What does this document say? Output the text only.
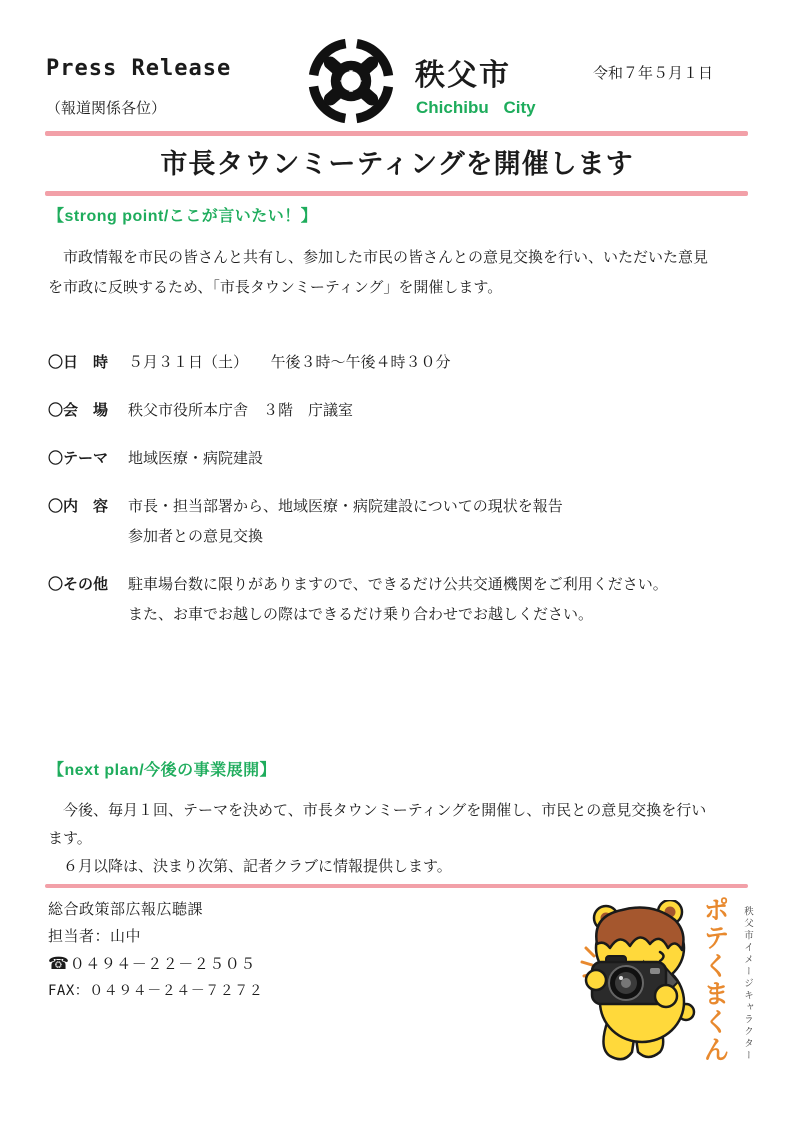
Press Release
（報道関係各位）
秩父市
Chichibu City
令和７年５月１日
市長タウンミーティングを開催します
【strong point/ここが言いたい！】
　市政情報を市民の皆さんと共有し、参加した市民の皆さんとの意見交換を行い、いただいた意見
を市政に反映するため、「市長タウンミーティング」を開催します。
〇日　時	５月３１日（土）　　午後３時～午後４時３０分
〇会　場	秩父市役所本庁舎　３階　庁議室
〇テーマ	地域医療・病院建設
〇内　容	市長・担当部署から、地域医療・病院建設についての現状を報告
参加者との意見交換
〇その他	駐車場台数に限りがありますので、できるだけ公共交通機関をご利用ください。
また、お車でお越しの際はできるだけ乗り合わせでお越しください。
【next plan/今後の事業展開】
　今後、毎月１回、テーマを決めて、市長タウンミーティングを開催し、市民との意見交換を行い
ます。
　６月以降は、決まり次第、記者クラブに情報提供します。
総合政策部広報広聴課
担当者：山中
☎０４９４－２２－２５０５
FAX：０４９４－２４－７２７２	ポテくまくん 秩父市イメージキャラクター
